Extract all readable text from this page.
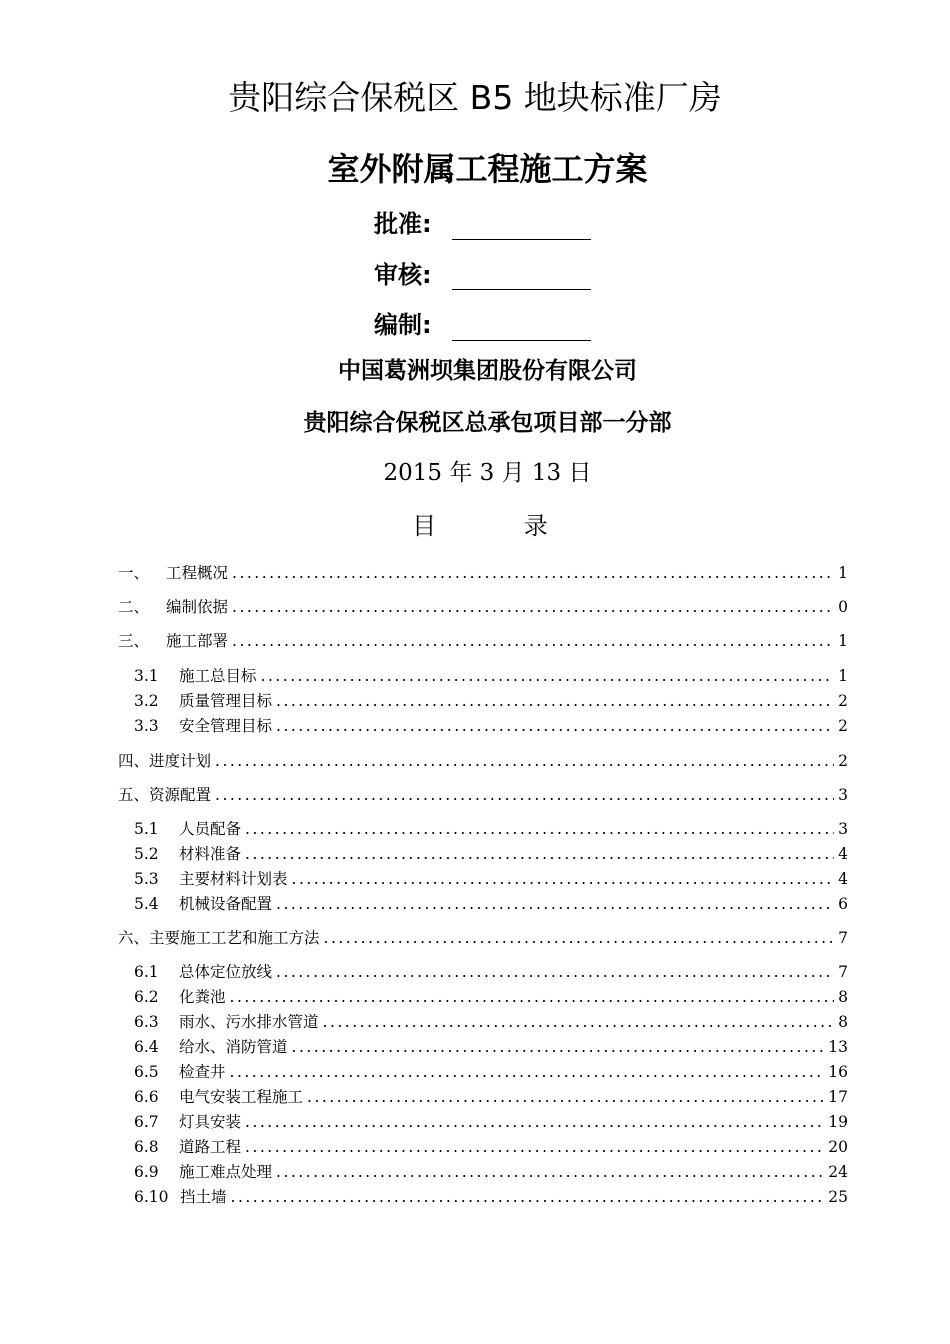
贵阳综合保税区 B5 地块标准厂房
室外附属工程施工方案
批准:
审核:
编制:
中国葛洲坝集团股份有限公司
贵阳综合保税区总承包项目部一分部
2015 年 3 月 13 日
目 录
一、	工程概况 .....	1
二、	编制依据 .....	0
三、	施工部署 .....	1
3.1	施工总目标 .....	1
3.2	质量管理目标 .....	2
3.3	安全管理目标 .....	2
四、 进度计划 .....	2
五、 资源配置 .....	3
5.1	人员配备 .....	3
5.2	材料准备 .....	4
5.3	主要材料计划表 .....	4
5.4	机械设备配置 .....	6
六、 主要施工工艺和施工方法 .....	7
6.1	总体定位放线 .....	7
6.2	化粪池 .....	8
6.3	雨水、污水排水管道 .....	8
6.4	给水、消防管道 .....	13
6.5	检查井 .....	16
6.6	电气安装工程施工 .....	17
6.7	灯具安装 .....	19
6.8	道路工程 .....	20
6.9	施工难点处理 .....	24
6.10 挡土墙 .....	25
